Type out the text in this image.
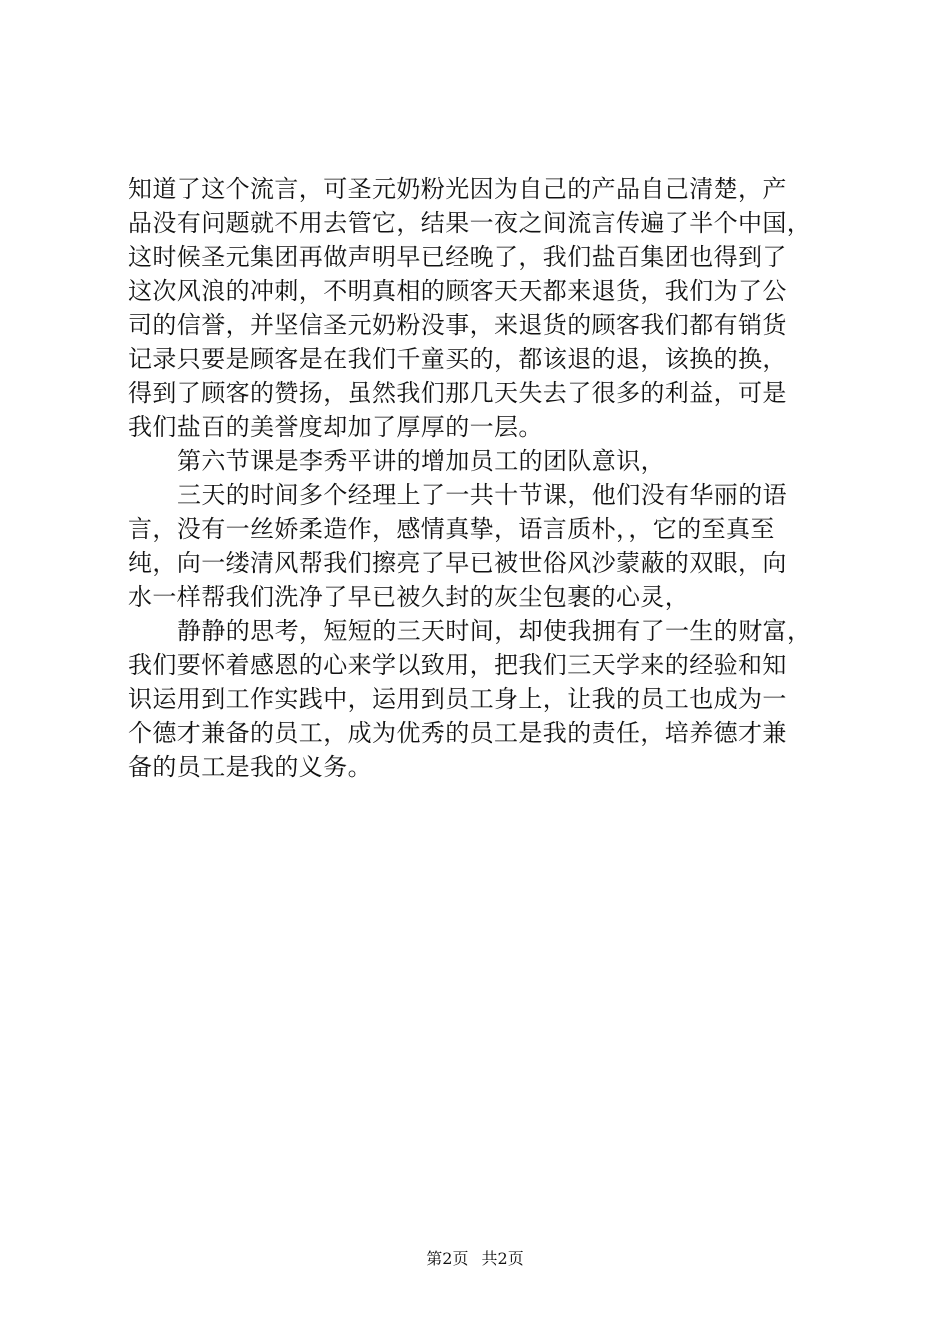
知道了这个流言，可圣元奶粉光因为自己的产品自己清楚，产
品没有问题就不用去管它，结果一夜之间流言传遍了半个中国，
这时候圣元集团再做声明早已经晚了，我们盐百集团也得到了
这次风浪的冲刺，不明真相的顾客天天都来退货，我们为了公
司的信誉，并坚信圣元奶粉没事，来退货的顾客我们都有销货
记录只要是顾客是在我们千童买的，都该退的退，该换的换，
得到了顾客的赞扬，虽然我们那几天失去了很多的利益，可是
我们盐百的美誉度却加了厚厚的一层。
第六节课是李秀平讲的增加员工的团队意识，
三天的时间多个经理上了一共十节课，他们没有华丽的语
言，没有一丝娇柔造作，感情真挚，语言质朴，，它的至真至
纯，向一缕清风帮我们擦亮了早已被世俗风沙蒙蔽的双眼，向
水一样帮我们洗净了早已被久封的灰尘包裹的心灵，
静静的思考，短短的三天时间，却使我拥有了一生的财富，
我们要怀着感恩的心来学以致用，把我们三天学来的经验和知
识运用到工作实践中，运用到员工身上，让我的员工也成为一
个德才兼备的员工，成为优秀的员工是我的责任，培养德才兼
备的员工是我的义务。
第2页 共2页
